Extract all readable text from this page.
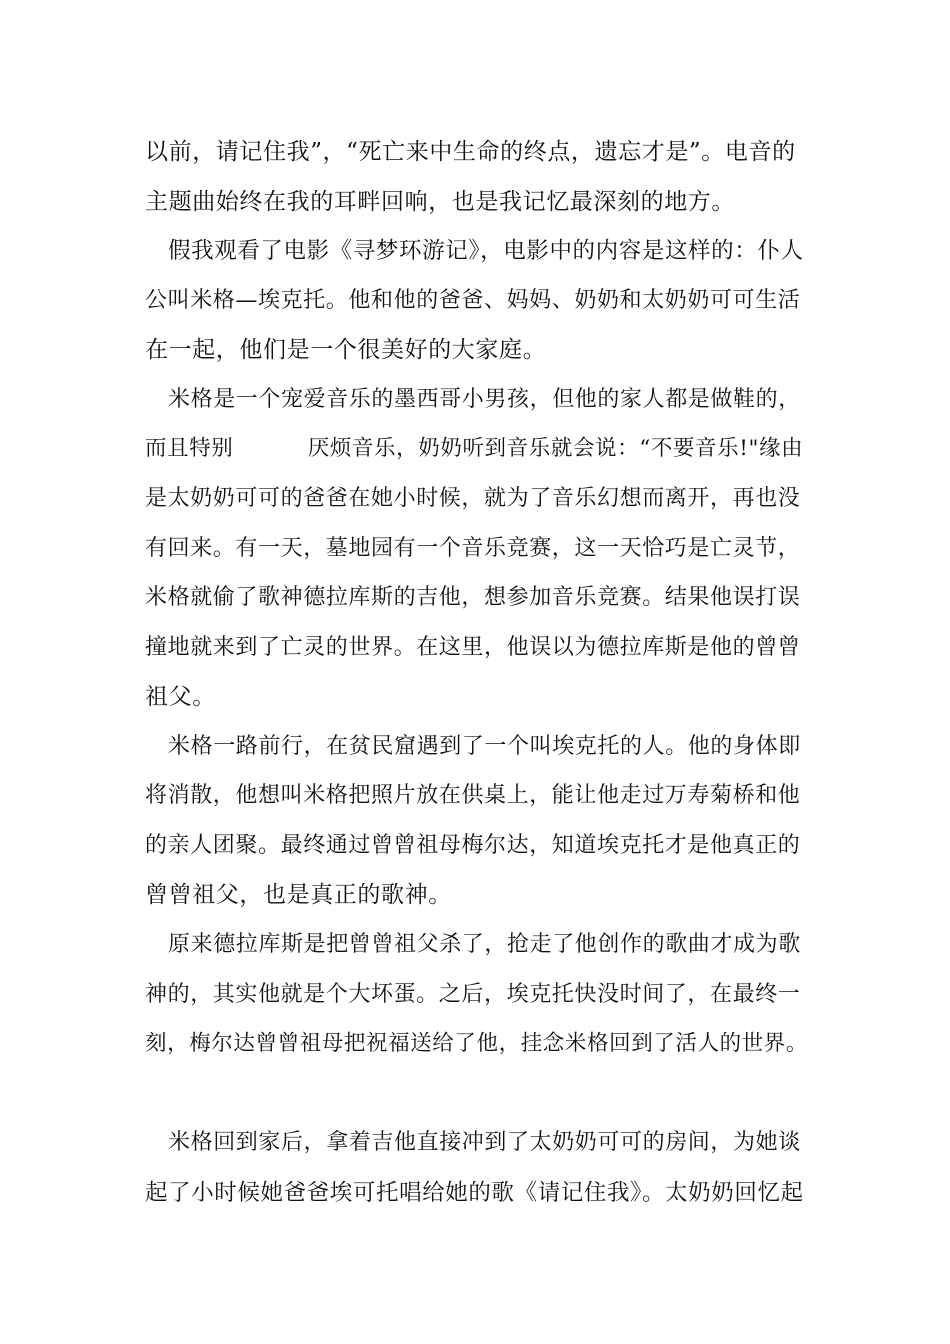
以前，请记住我”，“死亡来中生命的终点，遗忘才是”。电音的
主题曲始终在我的耳畔回响，也是我记忆最深刻的地方。
假我观看了电影《寻梦环游记》，电影中的内容是这样的：仆人
公叫米格—埃克托。他和他的爸爸、妈妈、奶奶和太奶奶可可生活
在一起，他们是一个很美好的大家庭。
米格是一个宠爱音乐的墨西哥小男孩，但他的家人都是做鞋的，
而且特别          厌烦音乐，奶奶听到音乐就会说：“不要音乐!"缘由
是太奶奶可可的爸爸在她小时候，就为了音乐幻想而离开，再也没
有回来。有一天，墓地园有一个音乐竞赛，这一天恰巧是亡灵节，
米格就偷了歌神德拉库斯的吉他，想参加音乐竞赛。结果他误打误
撞地就来到了亡灵的世界。在这里，他误以为德拉库斯是他的曾曾
祖父。
米格一路前行，在贫民窟遇到了一个叫埃克托的人。他的身体即
将消散，他想叫米格把照片放在供桌上，能让他走过万寿菊桥和他
的亲人团聚。最终通过曾曾祖母梅尔达，知道埃克托才是他真正的
曾曾祖父，也是真正的歌神。
原来德拉库斯是把曾曾祖父杀了，抢走了他创作的歌曲才成为歌
神的，其实他就是个大坏蛋。之后，埃克托快没时间了，在最终一
刻，梅尔达曾曾祖母把祝福送给了他，挂念米格回到了活人的世界。
米格回到家后，拿着吉他直接冲到了太奶奶可可的房间，为她谈
起了小时候她爸爸埃可托唱给她的歌《请记住我》。太奶奶回忆起
